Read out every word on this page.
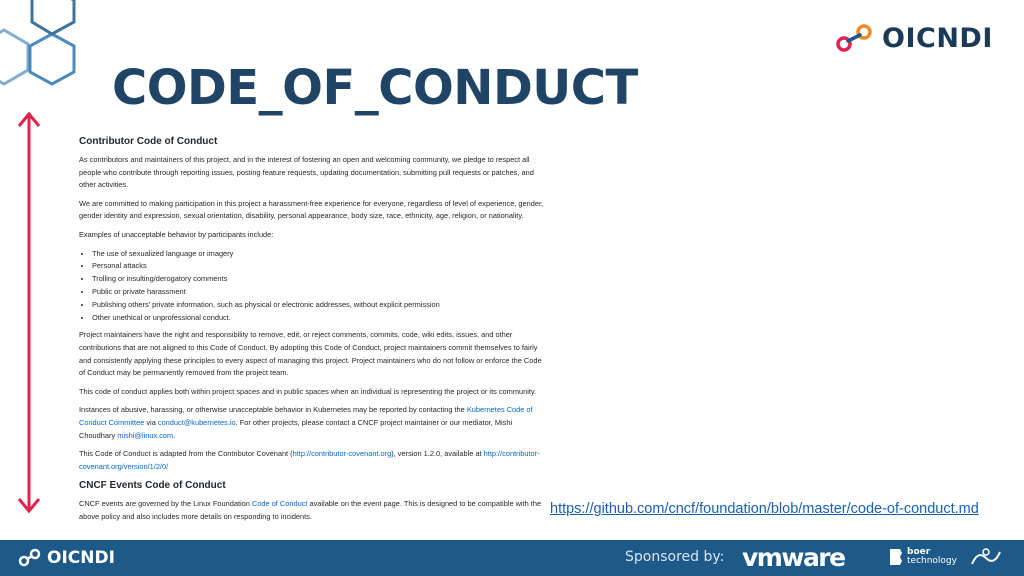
OICNDI
CODE_OF_CONDUCT
Contributor Code of Conduct

As contributors and maintainers of this project, and in the interest of fostering an open and welcoming community, we pledge to respect all people who contribute through reporting issues, posting feature requests, updating documentation, submitting pull requests or patches, and other activities.

We are committed to making participation in this project a harassment-free experience for everyone, regardless of level of experience, gender, gender identity and expression, sexual orientation, disability, personal appearance, body size, race, ethnicity, age, religion, or nationality.

Examples of unacceptable behavior by participants include:

• The use of sexualized language or imagery
• Personal attacks
• Trolling or insulting/derogatory comments
• Public or private harassment
• Publishing others' private information, such as physical or electronic addresses, without explicit permission
• Other unethical or unprofessional conduct.

Project maintainers have the right and responsibility to remove, edit, or reject comments, commits, code, wiki edits, issues, and other contributions that are not aligned to this Code of Conduct. By adopting this Code of Conduct, project maintainers commit themselves to fairly and consistently applying these principles to every aspect of managing this project. Project maintainers who do not follow or enforce the Code of Conduct may be permanently removed from the project team.

This code of conduct applies both within project spaces and in public spaces when an individual is representing the project or its community.

Instances of abusive, harassing, or otherwise unacceptable behavior in Kubernetes may be reported by contacting the Kubernetes Code of Conduct Committee via conduct@kubernetes.io. For other projects, please contact a CNCF project maintainer or our mediator, Mishi Choudhary mishi@linux.com.

This Code of Conduct is adapted from the Contributor Covenant (http://contributor-covenant.org), version 1.2.0, available at http://contributor-covenant.org/version/1/2/0/

CNCF Events Code of Conduct

CNCF events are governed by the Linux Foundation Code of Conduct available on the event page. This is designed to be compatible with the above policy and also includes more details on responding to incidents.	https://github.com/cncf/foundation/blob/master/code-of-conduct.md
OICNDI	Sponsored by: vmware	boer
technology
